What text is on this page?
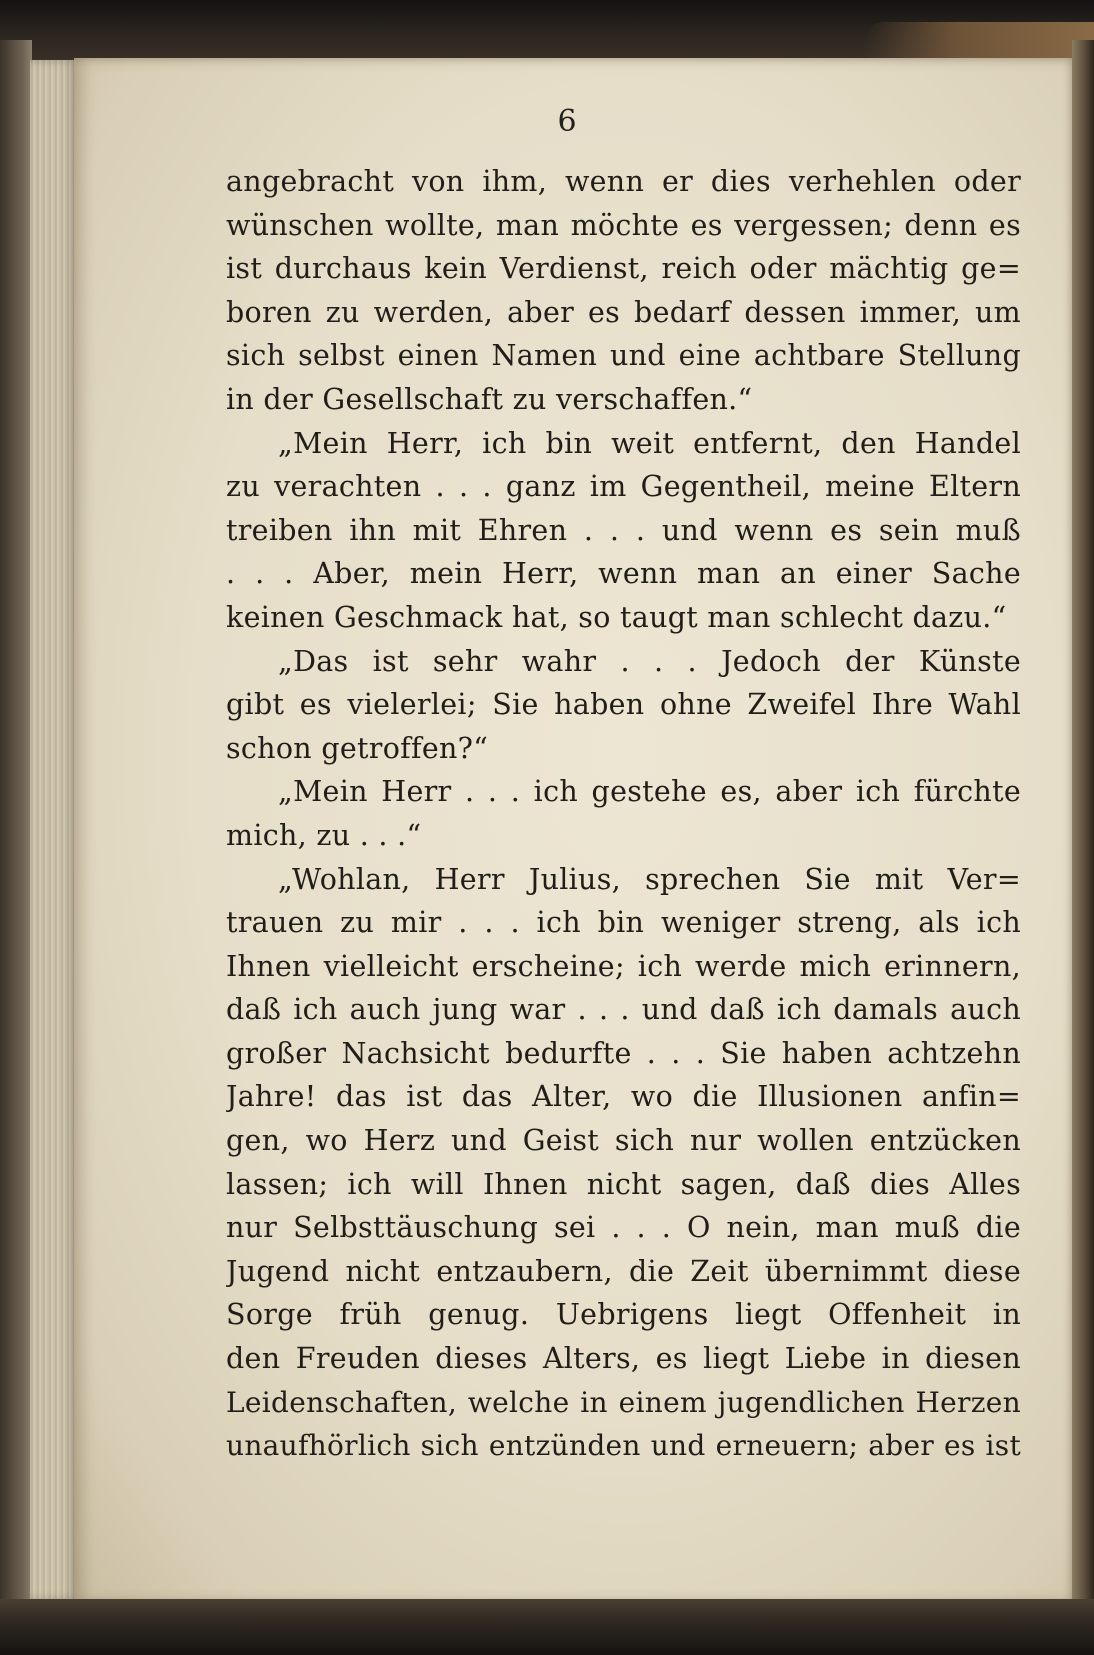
6
angebracht von ihm, wenn er dies verhehlen oder
wünschen wollte, man möchte es vergessen; denn es
ist durchaus kein Verdienst, reich oder mächtig ge=
boren zu werden, aber es bedarf dessen immer, um
sich selbst einen Namen und eine achtbare Stellung
in der Gesellschaft zu verschaffen.“
„Mein Herr, ich bin weit entfernt, den Handel
zu verachten . . . ganz im Gegentheil, meine Eltern
treiben ihn mit Ehren . . . und wenn es sein muß
. . . Aber, mein Herr, wenn man an einer Sache
keinen Geschmack hat, so taugt man schlecht dazu.“
„Das ist sehr wahr . . . Jedoch der Künste
gibt es vielerlei; Sie haben ohne Zweifel Ihre Wahl
schon getroffen?“
„Mein Herr . . . ich gestehe es, aber ich fürchte
mich, zu . . .“
„Wohlan, Herr Julius, sprechen Sie mit Ver=
trauen zu mir . . . ich bin weniger streng, als ich
Ihnen vielleicht erscheine; ich werde mich erinnern,
daß ich auch jung war . . . und daß ich damals auch
großer Nachsicht bedurfte . . . Sie haben achtzehn
Jahre! das ist das Alter, wo die Illusionen anfin=
gen, wo Herz und Geist sich nur wollen entzücken
lassen; ich will Ihnen nicht sagen, daß dies Alles
nur Selbsttäuschung sei . . . O nein, man muß die
Jugend nicht entzaubern, die Zeit übernimmt diese
Sorge früh genug. Uebrigens liegt Offenheit in
den Freuden dieses Alters, es liegt Liebe in diesen
Leidenschaften, welche in einem jugendlichen Herzen
unaufhörlich sich entzünden und erneuern; aber es ist
